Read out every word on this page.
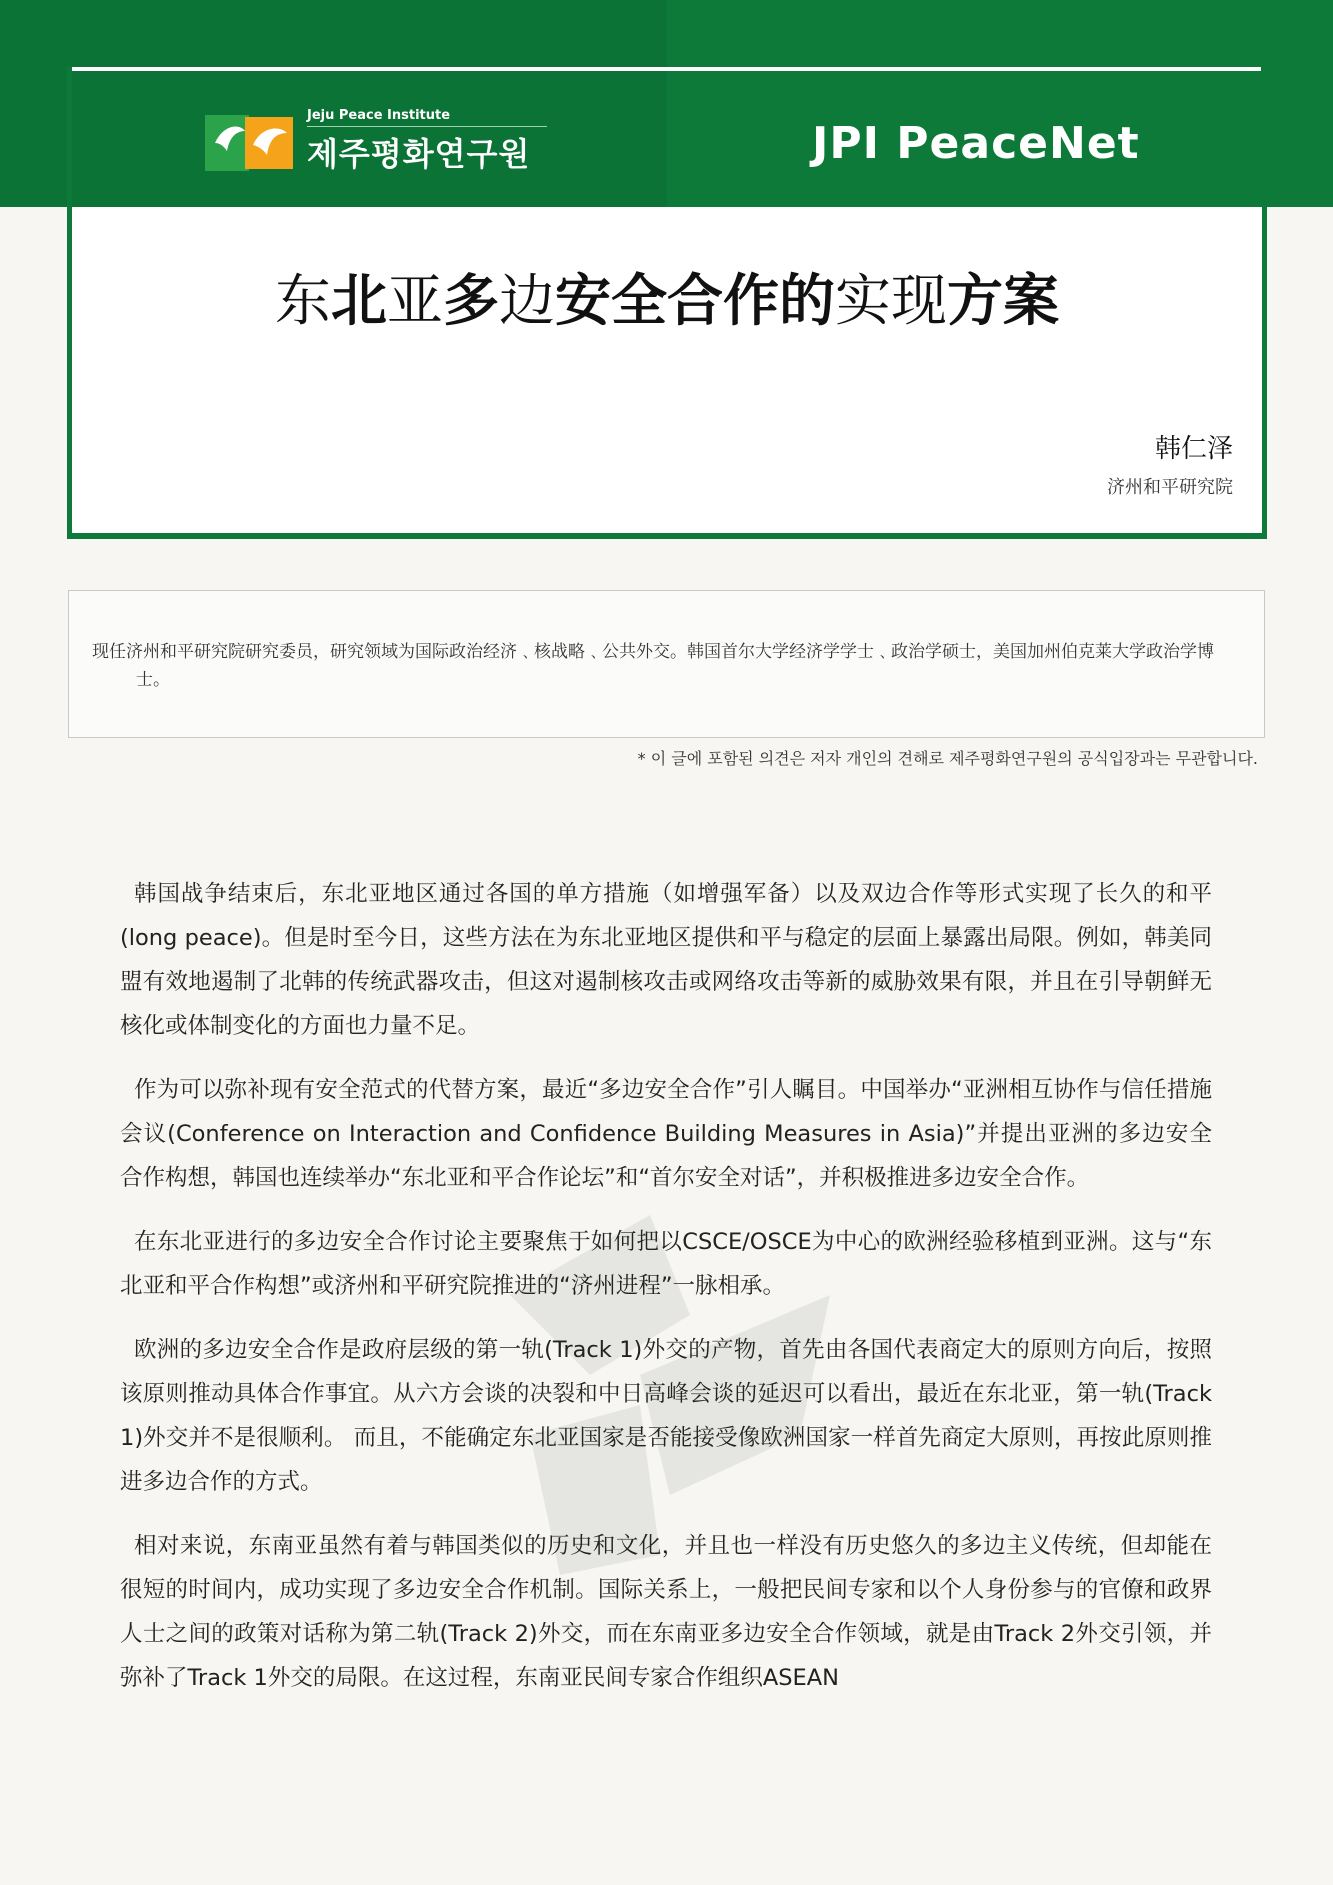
Jeju Peace Institute
제주평화연구원	JPI PeaceNet
东北亚多边安全合作的实现方案
韩仁泽
济州和平研究院
现任济州和平研究院研究委员，研究领域为国际政治经济﹑核战略﹑公共外交。韩国首尔大学经济学学士﹑政治学硕士，美国加州伯克莱大学政治学博士。
* 이 글에 포함된 의견은 저자 개인의 견해로 제주평화연구원의 공식입장과는 무관합니다.

韩国战争结束后，东北亚地区通过各国的单方措施（如增强军备）以及双边合作等形式实现了长久的和平(long peace)。但是时至今日，这些方法在为东北亚地区提供和平与稳定的层面上暴露出局限。例如，韩美同盟有效地遏制了北韩的传统武器攻击，但这对遏制核攻击或网络攻击等新的威胁效果有限，并且在引导朝鲜无核化或体制变化的方面也力量不足。

作为可以弥补现有安全范式的代替方案，最近“多边安全合作”引人瞩目。中国举办“亚洲相互协作与信任措施会议(Conference on Interaction and Confidence Building Measures in Asia)”并提出亚洲的多边安全合作构想，韩国也连续举办“东北亚和平合作论坛”和“首尔安全对话”，并积极推进多边安全合作。

在东北亚进行的多边安全合作讨论主要聚焦于如何把以CSCE/OSCE为中心的欧洲经验移植到亚洲。这与“东北亚和平合作构想”或济州和平研究院推进的“济州进程”一脉相承。

欧洲的多边安全合作是政府层级的第一轨(Track 1)外交的产物，首先由各国代表商定大的原则方向后，按照该原则推动具体合作事宜。从六方会谈的决裂和中日高峰会谈的延迟可以看出，最近在东北亚，第一轨(Track 1)外交并不是很顺利。 而且，不能确定东北亚国家是否能接受像欧洲国家一样首先商定大原则，再按此原则推进多边合作的方式。

相对来说，东南亚虽然有着与韩国类似的历史和文化，并且也一样没有历史悠久的多边主义传统，但却能在很短的时间内，成功实现了多边安全合作机制。国际关系上，一般把民间专家和以个人身份参与的官僚和政界人士之间的政策对话称为第二轨(Track 2)外交，而在东南亚多边安全合作领域，就是由Track 2外交引领，并弥补了Track 1外交的局限。在这过程，东南亚民间专家合作组织ASEAN
